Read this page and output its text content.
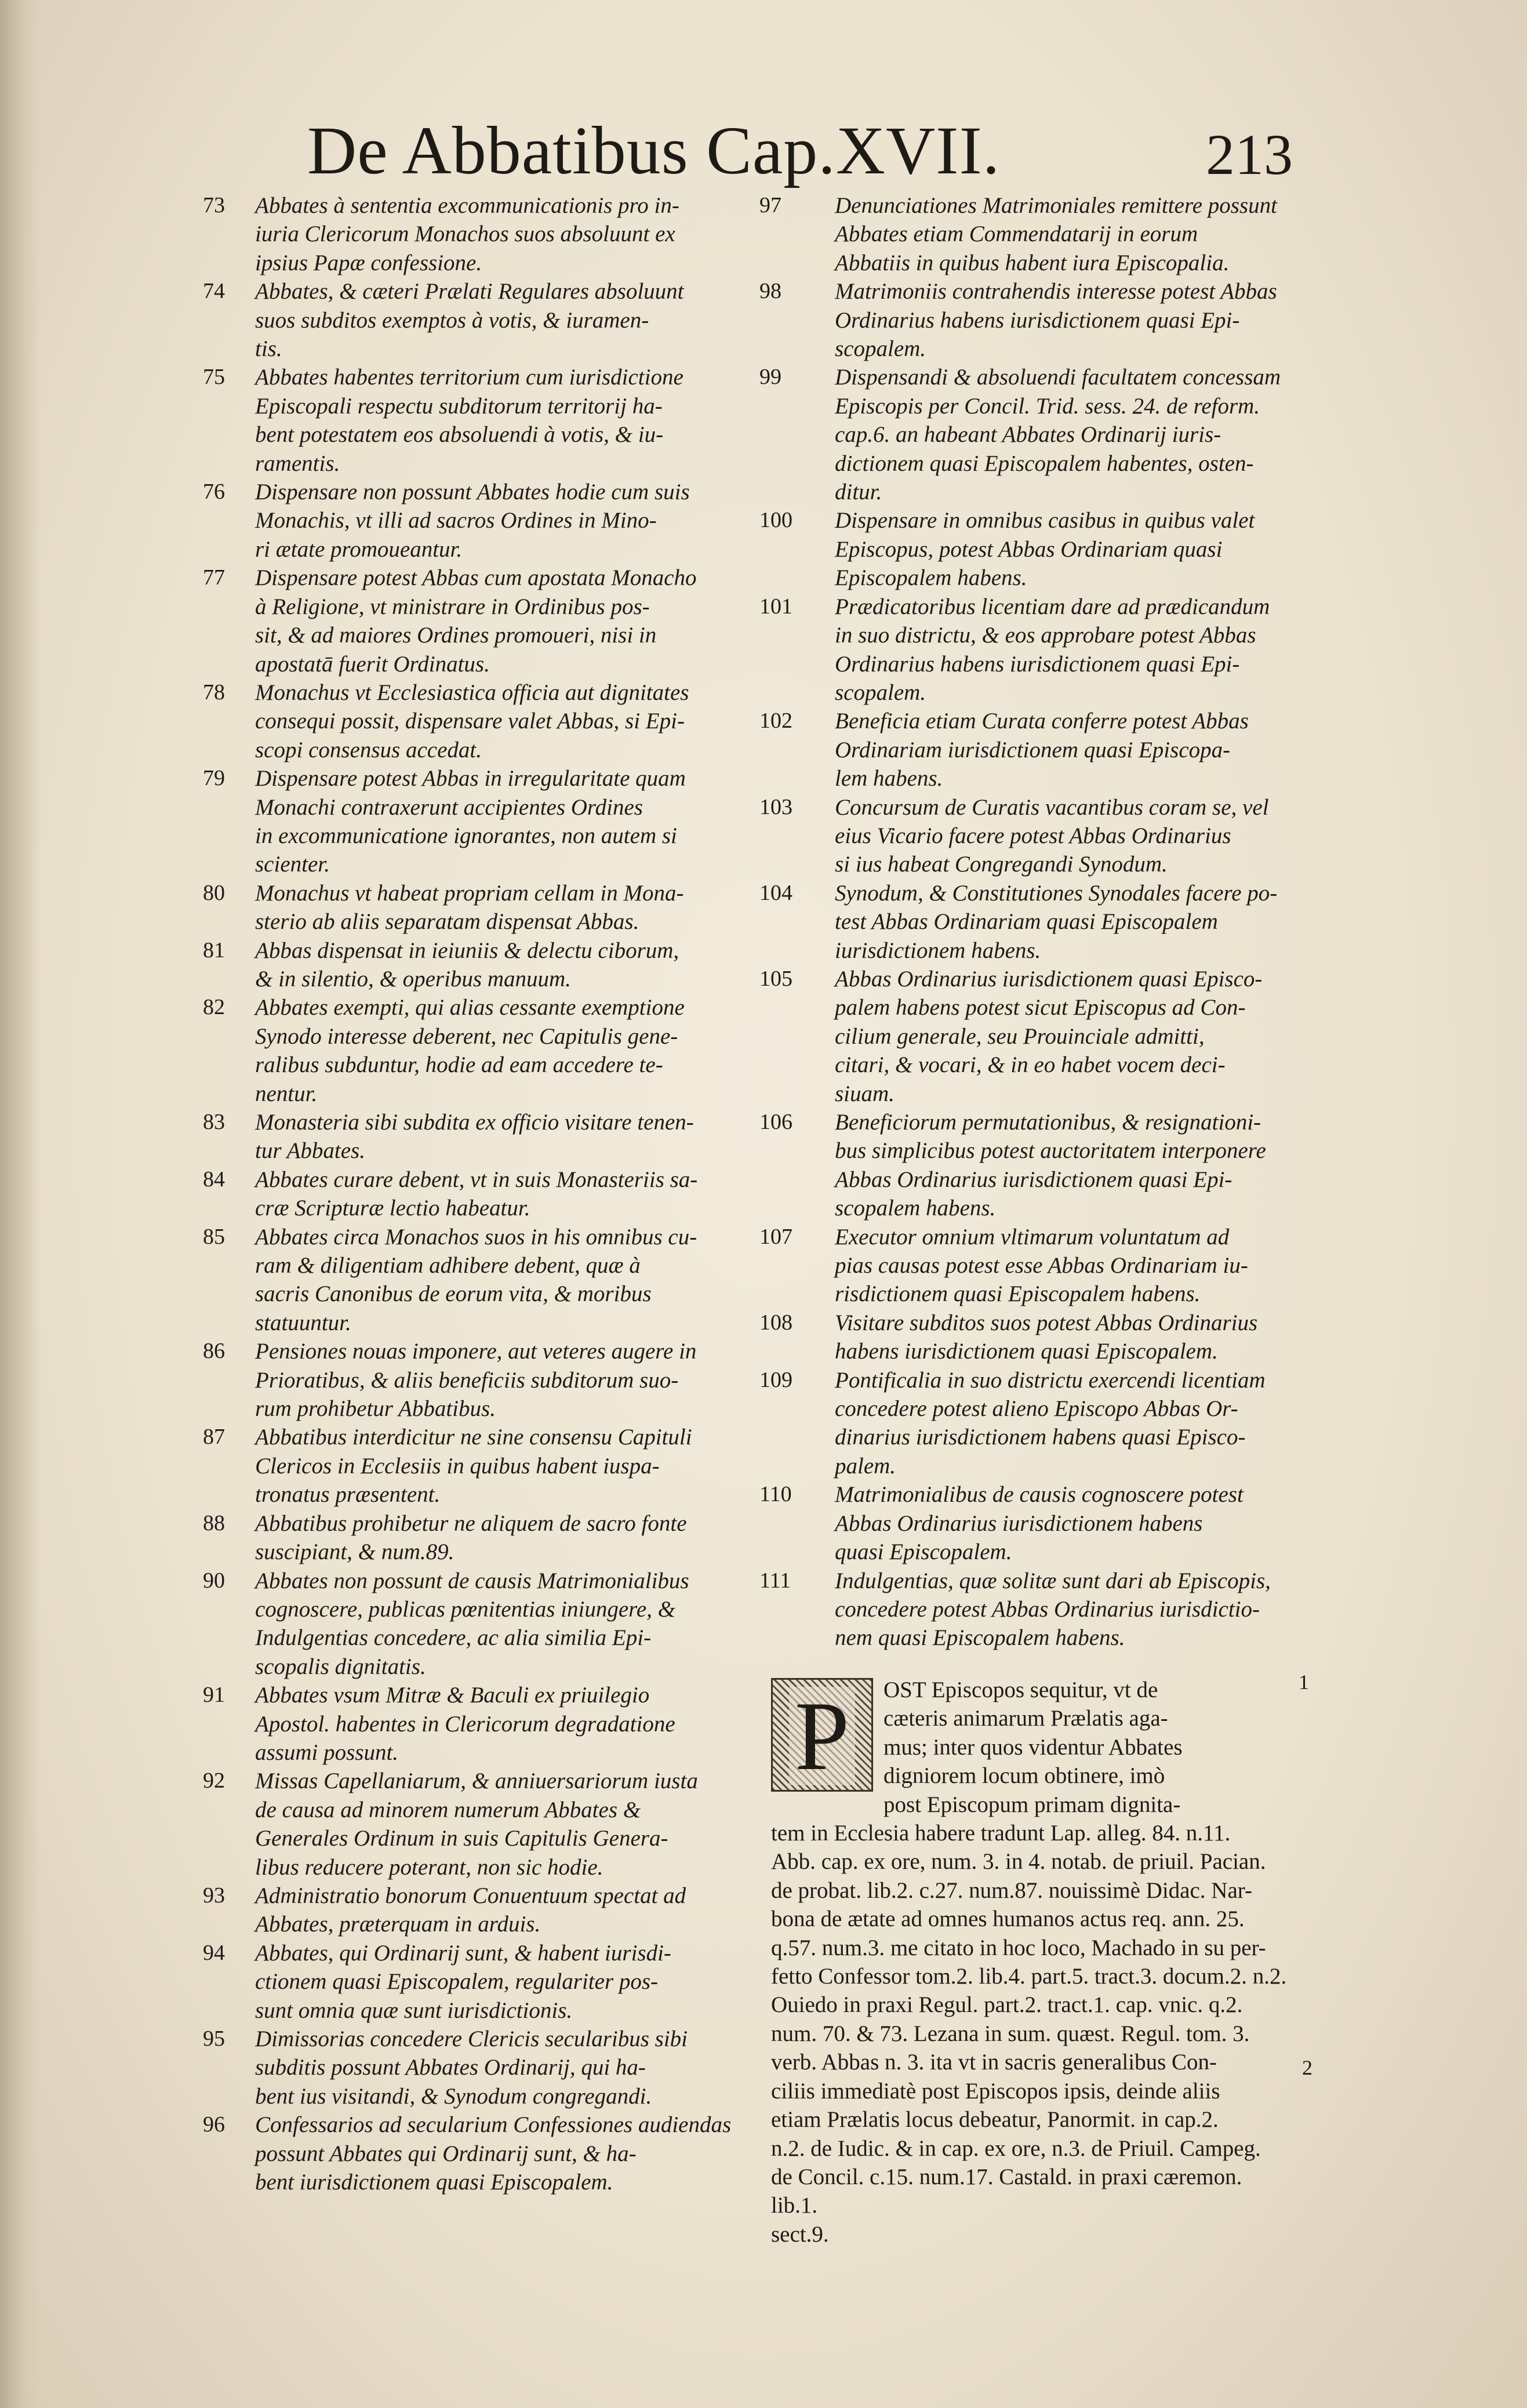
De Abbatibus Cap.XVII.	213
73 Abbates à sententia excommunicationis pro in-
iuria Clericorum Monachos suos absoluunt ex
ipsius Papæ confessione.
74 Abbates, & cæteri Prælati Regulares absoluunt
suos subditos exemptos à votis, & iuramen-
tis.
75 Abbates habentes territorium cum iurisdictione
Episcopali respectu subditorum territorij ha-
bent potestatem eos absoluendi à votis, & iu-
ramentis.
76 Dispensare non possunt Abbates hodie cum suis
Monachis, vt illi ad sacros Ordines in Mino-
ri ætate promoueantur.
77 Dispensare potest Abbas cum apostata Monacho
à Religione, vt ministrare in Ordinibus pos-
sit, & ad maiores Ordines promoueri, nisi in
apostatā fuerit Ordinatus.
78 Monachus vt Ecclesiastica officia aut dignitates
consequi possit, dispensare valet Abbas, si Epi-
scopi consensus accedat.
79 Dispensare potest Abbas in irregularitate quam
Monachi contraxerunt accipientes Ordines
in excommunicatione ignorantes, non autem si
scienter.
80 Monachus vt habeat propriam cellam in Mona-
sterio ab aliis separatam dispensat Abbas.
81 Abbas dispensat in ieiuniis & delectu ciborum,
& in silentio, & operibus manuum.
82 Abbates exempti, qui alias cessante exemptione
Synodo interesse deberent, nec Capitulis gene-
ralibus subduntur, hodie ad eam accedere te-
nentur.
83 Monasteria sibi subdita ex officio visitare tenen-
tur Abbates.
84 Abbates curare debent, vt in suis Monasteriis sa-
cræ Scripturæ lectio habeatur.
85 Abbates circa Monachos suos in his omnibus cu-
ram & diligentiam adhibere debent, quæ à
sacris Canonibus de eorum vita, & moribus
statuuntur.
86 Pensiones nouas imponere, aut veteres augere in
Prioratibus, & aliis beneficiis subditorum suo-
rum prohibetur Abbatibus.
87 Abbatibus interdicitur ne sine consensu Capituli
Clericos in Ecclesiis in quibus habent iuspa-
tronatus præsentent.
88 Abbatibus prohibetur ne aliquem de sacro fonte
suscipiant, & num.89.
90 Abbates non possunt de causis Matrimonialibus
cognoscere, publicas pœnitentias iniungere, &
Indulgentias concedere, ac alia similia Epi-
scopalis dignitatis.
91 Abbates vsum Mitræ & Baculi ex priuilegio
Apostol. habentes in Clericorum degradatione
assumi possunt.
92 Missas Capellaniarum, & anniuersariorum iusta
de causa ad minorem numerum Abbates &
Generales Ordinum in suis Capitulis Genera-
libus reducere poterant, non sic hodie.
93 Administratio bonorum Conuentuum spectat ad
Abbates, præterquam in arduis.
94 Abbates, qui Ordinarij sunt, & habent iurisdi-
ctionem quasi Episcopalem, regulariter pos-
sunt omnia quæ sunt iurisdictionis.
95 Dimissorias concedere Clericis secularibus sibi
subditis possunt Abbates Ordinarij, qui ha-
bent ius visitandi, & Synodum congregandi.
96 Confessarios ad secularium Confessiones audiendas
possunt Abbates qui Ordinarij sunt, & ha-
bent iurisdictionem quasi Episcopalem.
97 Denunciationes Matrimoniales remittere possunt
Abbates etiam Commendatarij in eorum
Abbatiis in quibus habent iura Episcopalia.
98 Matrimoniis contrahendis interesse potest Abbas
Ordinarius habens iurisdictionem quasi Epi-
scopalem.
99 Dispensandi & absoluendi facultatem concessam
Episcopis per Concil. Trid. sess. 24. de reform.
cap.6. an habeant Abbates Ordinarij iuris-
dictionem quasi Episcopalem habentes, osten-
ditur.
100 Dispensare in omnibus casibus in quibus valet
Episcopus, potest Abbas Ordinariam quasi
Episcopalem habens.
101 Prædicatoribus licentiam dare ad prædicandum
in suo districtu, & eos approbare potest Abbas
Ordinarius habens iurisdictionem quasi Epi-
scopalem.
102 Beneficia etiam Curata conferre potest Abbas
Ordinariam iurisdictionem quasi Episcopa-
lem habens.
103 Concursum de Curatis vacantibus coram se, vel
eius Vicario facere potest Abbas Ordinarius
si ius habeat Congregandi Synodum.
104 Synodum, & Constitutiones Synodales facere po-
test Abbas Ordinariam quasi Episcopalem
iurisdictionem habens.
105 Abbas Ordinarius iurisdictionem quasi Episco-
palem habens potest sicut Episcopus ad Con-
cilium generale, seu Prouinciale admitti,
citari, & vocari, & in eo habet vocem deci-
siuam.
106 Beneficiorum permutationibus, & resignationi-
bus simplicibus potest auctoritatem interponere
Abbas Ordinarius iurisdictionem quasi Epi-
scopalem habens.
107 Executor omnium vltimarum voluntatum ad
pias causas potest esse Abbas Ordinariam iu-
risdictionem quasi Episcopalem habens.
108 Visitare subditos suos potest Abbas Ordinarius
habens iurisdictionem quasi Episcopalem.
109 Pontificalia in suo districtu exercendi licentiam
concedere potest alieno Episcopo Abbas Or-
dinarius iurisdictionem habens quasi Episco-
palem.
110 Matrimonialibus de causis cognoscere potest
Abbas Ordinarius iurisdictionem habens
quasi Episcopalem.
111 Indulgentias, quæ solitæ sunt dari ab Episcopis,
concedere potest Abbas Ordinarius iurisdictio-
nem quasi Episcopalem habens.
P	OST Episcopos sequitur, vt de
cæteris animarum Prælatis aga-
mus; inter quos videntur Abbates
digniorem locum obtinere, imò
post Episcopum primam dignita-
tem in Ecclesia habere tradunt Lap. alleg. 84. n.11.
Abb. cap. ex ore, num. 3. in 4. notab. de priuil. Pacian.
de probat. lib.2. c.27. num.87. nouissimè Didac. Nar-
bona de ætate ad omnes humanos actus req. ann. 25.
q.57. num.3. me citato in hoc loco, Machado in su per-
fetto Confessor tom.2. lib.4. part.5. tract.3. docum.2. n.2.
Ouiedo in praxi Regul. part.2. tract.1. cap. vnic. q.2.
num. 70. & 73. Lezana in sum. quæst. Regul. tom. 3.
verb. Abbas n. 3. ita vt in sacris generalibus Con-
ciliis immediatè post Episcopos ipsis, deinde aliis
etiam Prælatis locus debeatur, Panormit. in cap.2.
n.2. de Iudic. & in cap. ex ore, n.3. de Priuil. Campeg.
de Concil. c.15. num.17. Castald. in praxi cæremon. lib.1.
sect.9.
1
2
